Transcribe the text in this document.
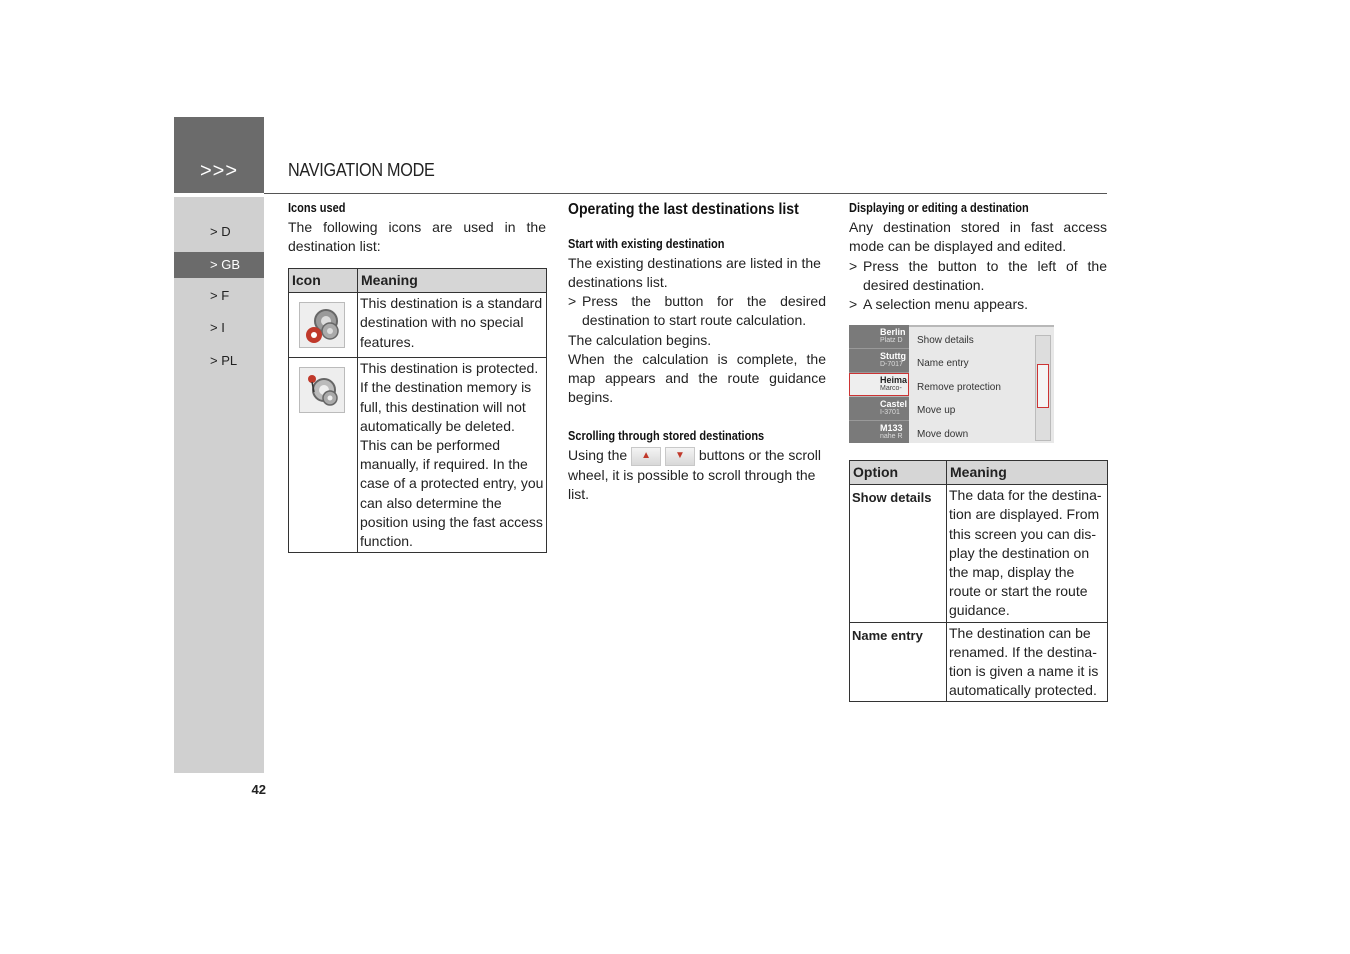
>>>	NAVIGATION MODE
> D
> GB
> F
> I
> PL
42
Icons used
The following icons are used in the destination list:
Icon	Meaning

	This destination is a standard destination with no special features.

	This destination is protected. If the destination memory is full, this destination will not automatically be deleted. This can be performed manually, if required. In the case of a protected entry, you can also determine the position using the fast access function.
Operating the last destinations list
Start with existing destination
The existing destinations are listed in the destinations list.
> Press the button for the desired destination to start route calculation.
The calculation begins.
When the calculation is complete, the map appears and the route guidance begins.
Scrolling through stored destinations
Using the ▲ ▼ buttons or the scroll wheel, it is possible to scroll through the list.
Displaying or editing a destination
Any destination stored in fast access mode can be displayed and edited.
> Press the button to the left of the desired destination.
> A selection menu appears.
Berlin
Platz D
Stuttg
D-7017
Heima
Marco-
Castel
I-3701
M133
nahe R
Show details
Name entry
Remove protection
Move up
Move down
Option	Meaning
Show details	The data for the destina-tion are displayed. From this screen you can dis-play the destination on the map, display the route or start the route guidance.
Name entry	The destination can be renamed. If the destina-tion is given a name it is automatically protected.
